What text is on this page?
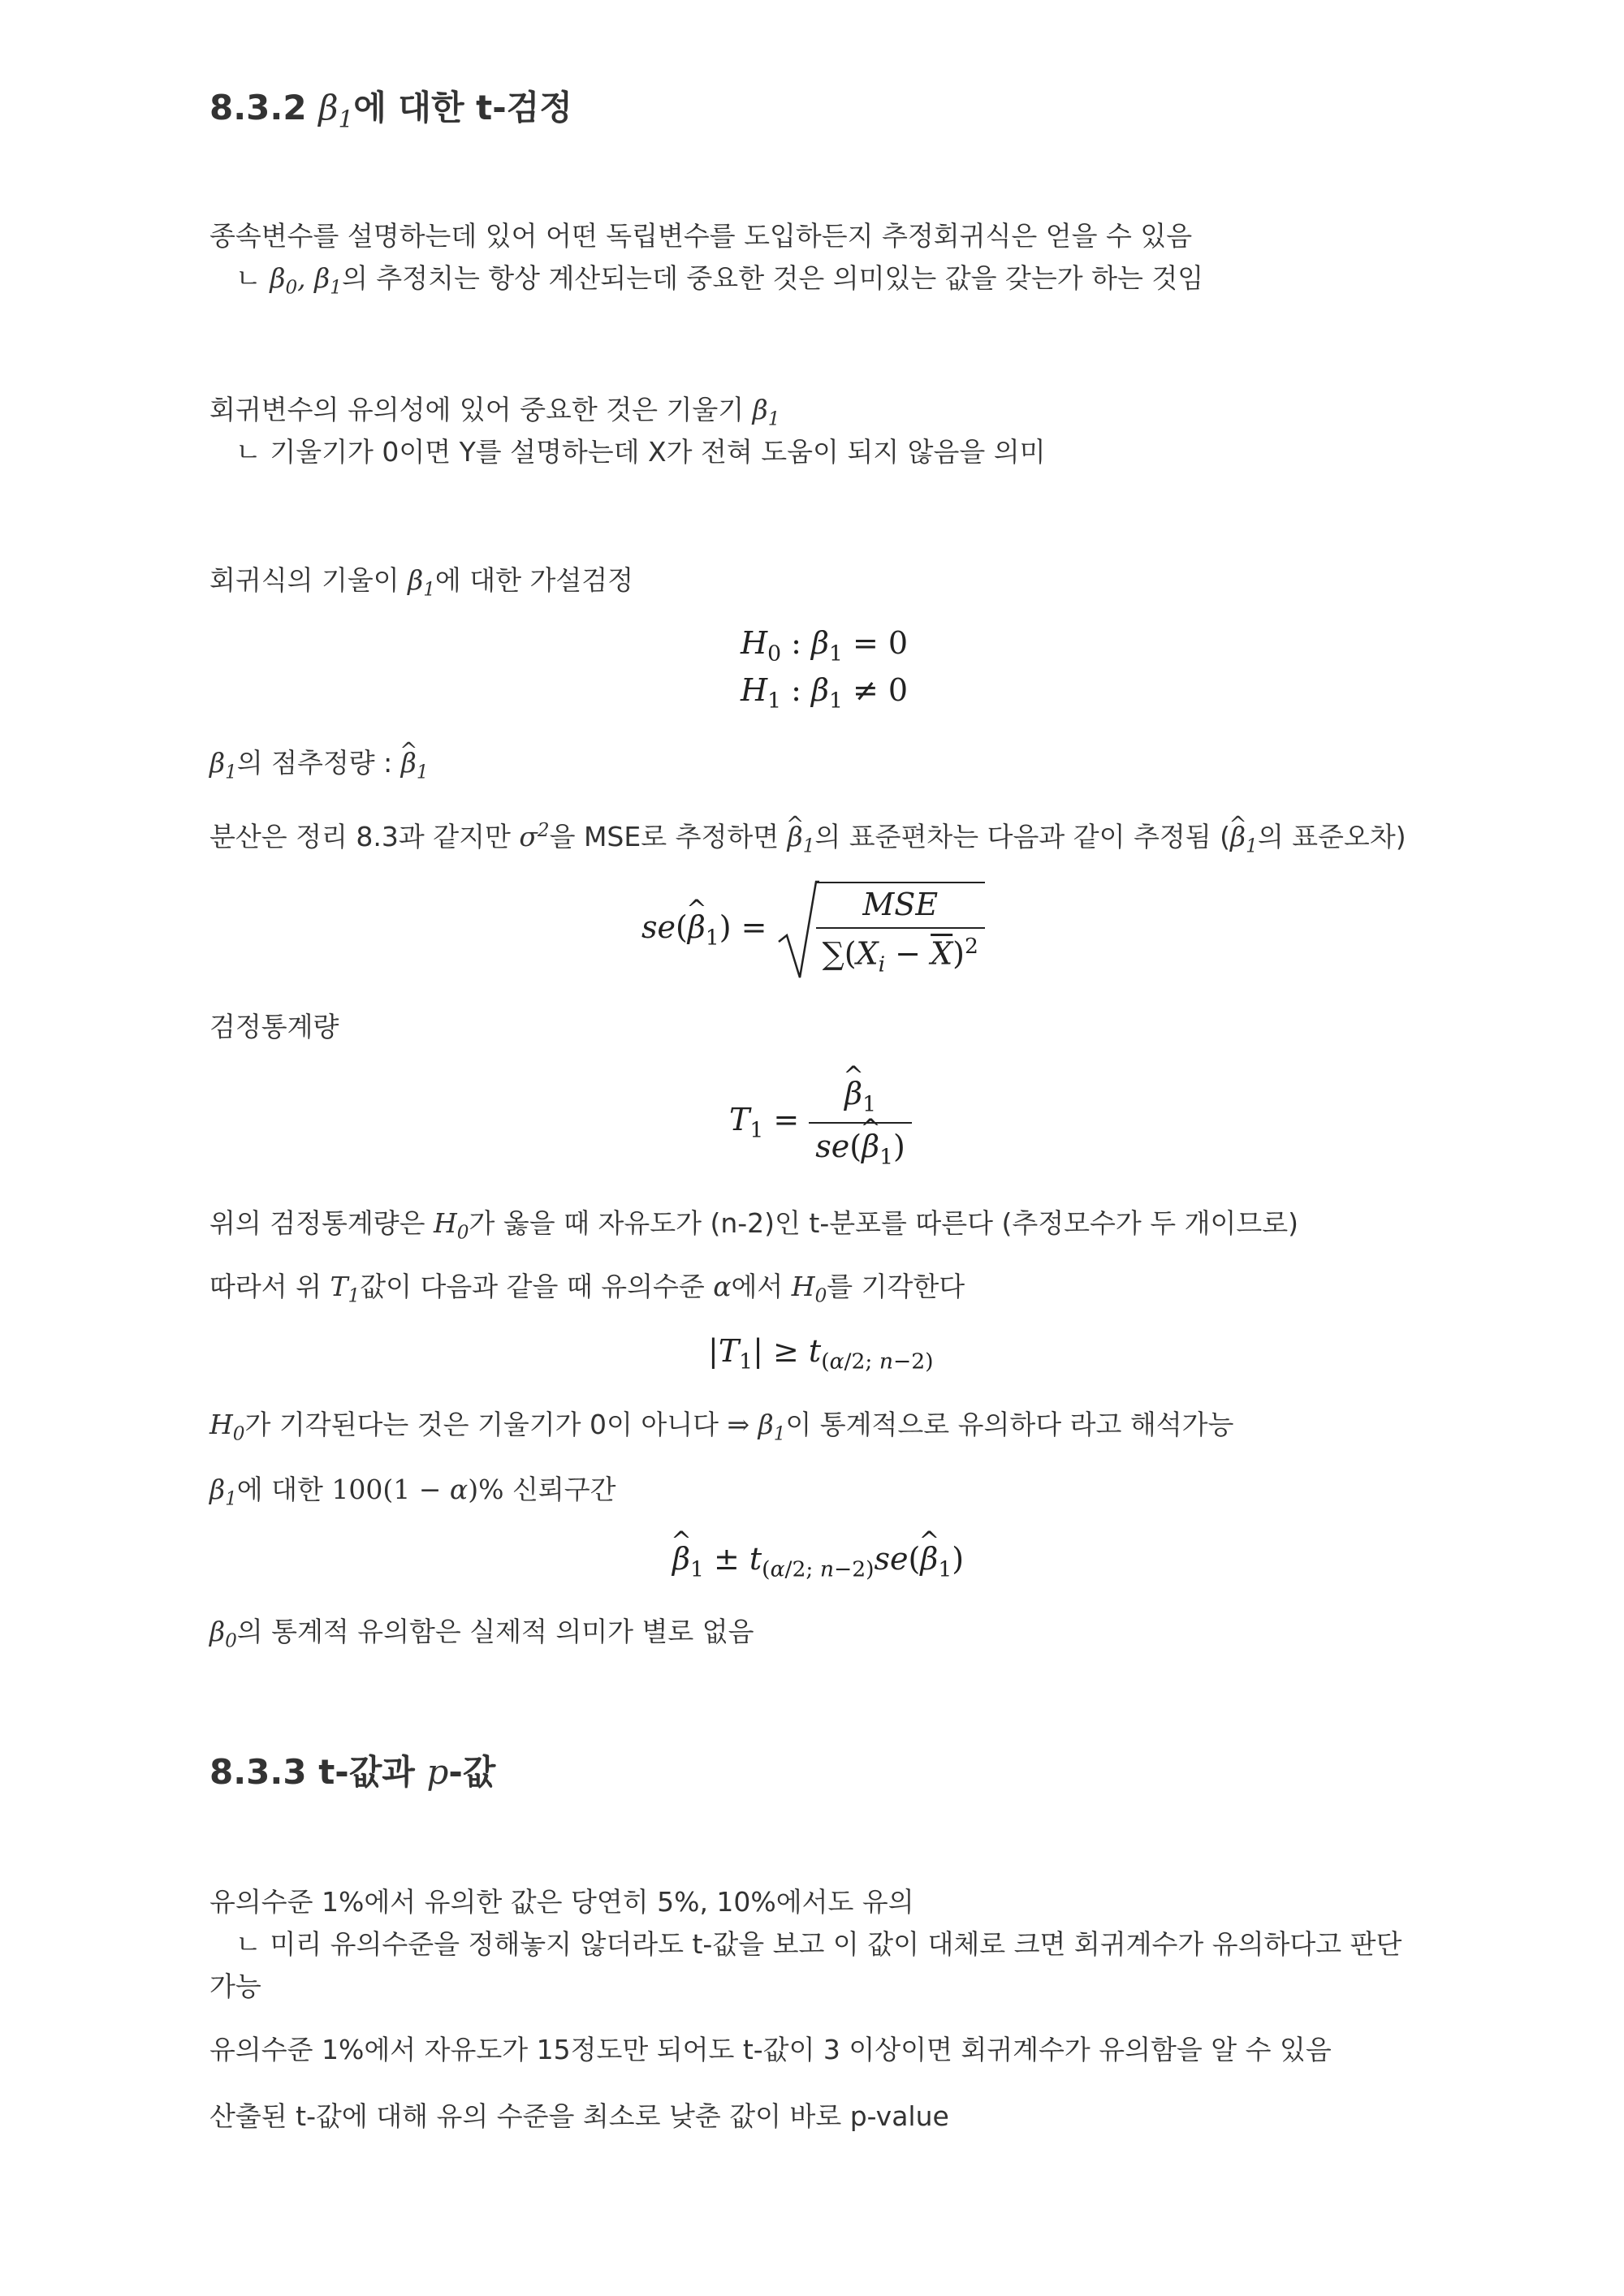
8.3.2 $\beta_1$에 대한 t-검정
종속변수를 설명하는데 있어 어떤 독립변수를 도입하든지 추정회귀식은 얻을 수 있음
ㄴ $\beta_0$, $\beta_1$의 추정치는 항상 계산되는데 중요한 것은 의미있는 값을 갖는가 하는 것임
회귀변수의 유의성에 있어 중요한 것은 기울기 $\beta_1$
ㄴ 기울기가 0이면 Y를 설명하는데 X가 전혀 도움이 되지 않음을 의미
회귀식의 기울이 $\beta_1$에 대한 가설검정
$H_0$ : $\beta_1 = 0$
$H_1$ : $\beta_1 \ne 0$
$\beta_1$의 점추정량 : ^ $\beta_1$
분산은 정리 8.3과 같지만 $\sigma^2$을 MSE로 추정하면 ^ $\beta_1$의 표준편차는 다음과 같이 추정됨 (^ $\beta_1$의 표준오차)
se(^ $\beta_1) = \frac{\text{MSE}}{\sum(X_i - \overline{X})^2}$
검정통계량
$T_1$ = ^ $\frac{\beta_1}{se(\^{} \beta_1)}$
위의 검정통계량은 $H_0$가 옳을 때 자유도가 (n-2)인 t-분포를 따른다 (추정모수가 두 개이므로)
따라서 위 $T_1$값이 다음과 같을 때 유의수준 α에서 $H_0$를 기각한다
$|T_1| \ge t_{(\alpha/2; n-2)}$
$H_0$가 기각된다는 것은 기울기가 0이 아니다 ⇒ $\beta_1$이 통계적으로 유의하다 라고 해석가능
$\beta_1$에 대한 100(1 − α)% 신뢰구간
^ $\beta_1$ ± $t_{(\alpha/2; n-2)}se(\^{}$ $\beta_1$)
$\beta_0$의 통계적 유의함은 실제적 의미가 별로 없음
8.3.3 t-값과 p-값
유의수준 1%에서 유의한 값은 당연히 5%, 10%에서도 유의
ㄴ 미리 유의수준을 정해놓지 않더라도 t-값을 보고 이 값이 대체로 크면 회귀계수가 유의하다고 판단
가능
유의수준 1%에서 자유도가 15정도만 되어도 t-값이 3 이상이면 회귀계수가 유의함을 알 수 있음
산출된 t-값에 대해 유의 수준을 최소로 낮춘 값이 바로 p-value
